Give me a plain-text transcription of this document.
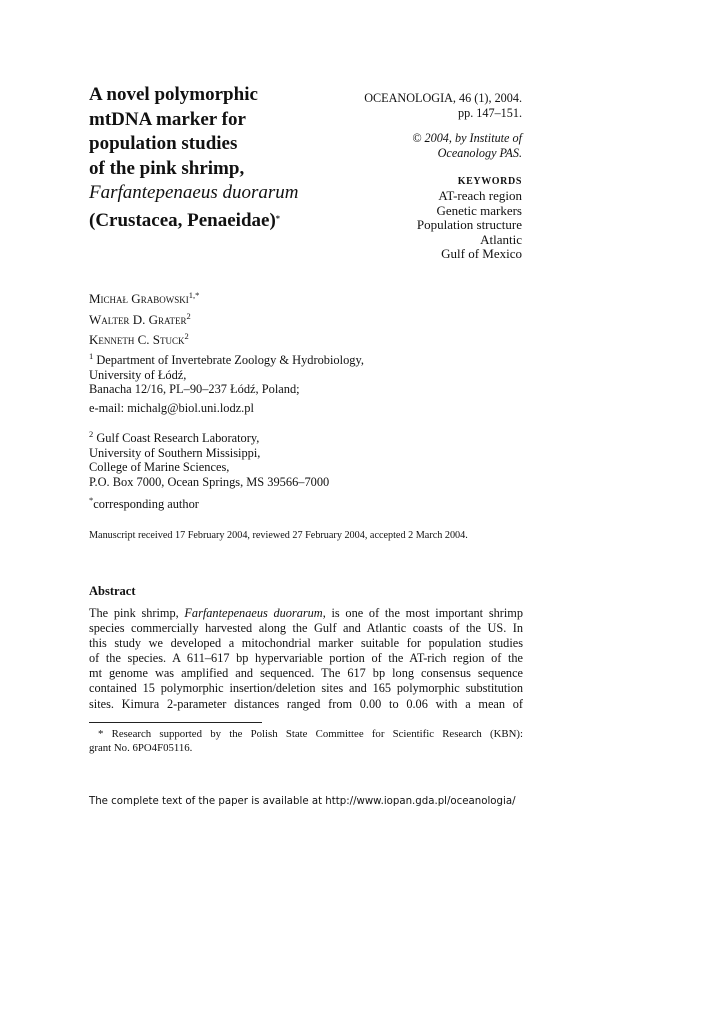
A novel polymorphic
mtDNA marker for
population studies
of the pink shrimp,
Farfantepenaeus duorarum
(Crustacea, Penaeidae)*
OCEANOLOGIA, 46 (1), 2004.
pp. 147–151.
© 2004, by Institute of
Oceanology PAS.
KEYWORDS
AT-reach region
Genetic markers
Population structure
Atlantic
Gulf of Mexico
Michał Grabowski$^{1,*}$
Walter D. Grater$^2$
Kenneth C. Stuck$^2$
$^1$ Department of Invertebrate Zoology & Hydrobiology,
University of Łódź,
Banacha 12/16, PL–90–237 Łódź, Poland;
e-mail: michalg@biol.uni.lodz.pl
$^2$ Gulf Coast Research Laboratory,
University of Southern Missisippi,
College of Marine Sciences,
P.O. Box 7000, Ocean Springs, MS 39566–7000
*corresponding author
Manuscript received 17 February 2004, reviewed 27 February 2004, accepted 2 March 2004.
Abstract
The pink shrimp, Farfantepenaeus duorarum, is one of the most important shrimp
species commercially harvested along the Gulf and Atlantic coasts of the US. In
this study we developed a mitochondrial marker suitable for population studies
of the species. A 611–617 bp hypervariable portion of the AT-rich region of the
mt genome was amplified and sequenced. The 617 bp long consensus sequence
contained 15 polymorphic insertion/deletion sites and 165 polymorphic substitution
sites. Kimura 2-parameter distances ranged from 0.00 to 0.06 with a mean of
* Research supported by the Polish State Committee for Scientific Research (KBN):
grant No. 6PO4F05116.
The complete text of the paper is available at http://www.iopan.gda.pl/oceanologia/
